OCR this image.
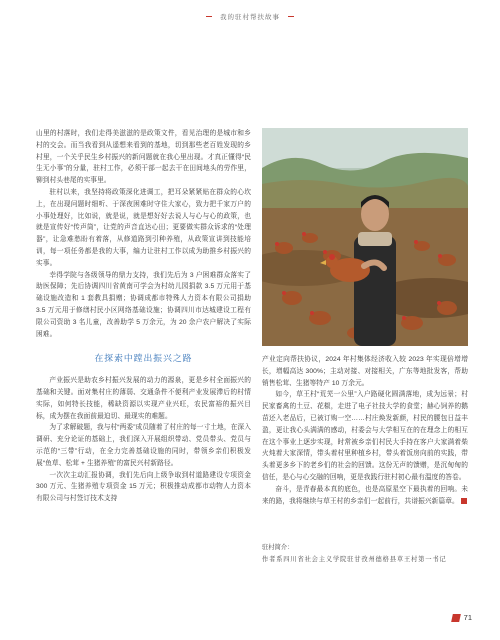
我的驻村帮扶故事

山里的村落时，我们走得美滋滋的是政策文件，看见治理的是城市和乡村的交会。而当我看到从遥想来看到的基地，切到那些老百姓发现的乡村里，一个关乎民生乡村振兴的新问题就在我心里出现。才真正懂得“民生无小事”的分量，驻村工作，必须干部一起去干在田间地头的劳作里，铆到村头巷尾的实事里。

驻村以来，我坚持将政策深化进调工，把耳朵紧紧贴在群众的心坎上，在出现问题时细听、于深夜困难时守住大家心，致力把千家万户的小事处理好，比如说，就是说，就是想好好去说人与心与心的政策，也就是宣传好“传声筒”，让党的声音直达心田；更要做实群众诉求的“处理器”，让急难愁盼有着落，从修道路到引种养殖，从政策宣讲到技能培训，每一项任务都是我的大事，编力让驻村工作以成为助推乡村振兴的实事。

幸得学院与各级领导的鼎力支持，我们先后为 3 户困难群众落实了助医保障；先后协调四川省黄南可学会为村幼儿园捐款 3.5 万元用于基础设施改造和 1 套教具捐赠；协调成都市特殊人力资本有限公司捐助 3.5 万元用于修缮村民小区网络基础设施；协调四川市达城建设工程有限公司资助 3 名儿童，改善助学 5 万余元，为 20 余户农户解决了实际困难。

在探索中蹚出振兴之路

产业振兴是助农乡村振兴发展的动力的源泉，更是乡村全面振兴的基础和关键。面对集村庄的薄弱、交通条件不便利产业发展滞后的村情实际，如何特长技能，稀缺资源以实现产业兴旺，农民富裕的振兴目标，成为摆在我面前最迫切、最现实的难题。

为了求解破题，我与村“两委”成员随着了村庄的每一寸土地，在深入调研、充分论证的基础上，我们深入开展组织带动、党员带头、党员与示范的“三带”行动，在全力完善基础设施的同时，带领乡亲们积极发展“鱼草、松茸 + 生猪养殖”的富民兴村新路径。

一次次主动汇报协调，我们先后向上级争取到村道路建设专项资金 300 万元、生猪养殖专项资金 15 万元；积极推动成都市动物人力资本有限公司与村签订技术支持

产业定向帮扶协议，2024 年村集体经济收入较 2023 年实现倍增增长，增幅高达 300%；主动对接、对接相关，广东等地批发客，帮助销售松茸、生猪等特产 10 万余元。

如今，草王村“荒芜一公里”入户路硬化圆满落地，成为远景；村民家畜禽的土豆、花椒，走进了电子社技大学的食堂；赫心饲养的鹅苗还入老品后，已被订购一空……村庄焕发新颜，村民的腰包日益丰盈，更让我心头满满的感动，村委会与大学相互在的在理念上的相互在这个事业上逐步实现，时常被乡亲们村民大手持在客户大家满着柴火炖着大家深情，带头着村里种植乡村，带头着饭房向前的实践，带头着更多乡下的老乡们的社会的回馈。这份无声的馈赠，是沉甸甸的信任，是心与心交融的回响，更是我践行驻村初心最有温度的答卷。

奋斗，是青春最本真的底色，也是高原星空下最执着的回响。未来的路，我将继续与草王村的乡亲们一起前行，共谱振兴新篇章。

驻村简介：
作者系四川省社会主义学院驻甘孜州德格县草王村第一书记
71
